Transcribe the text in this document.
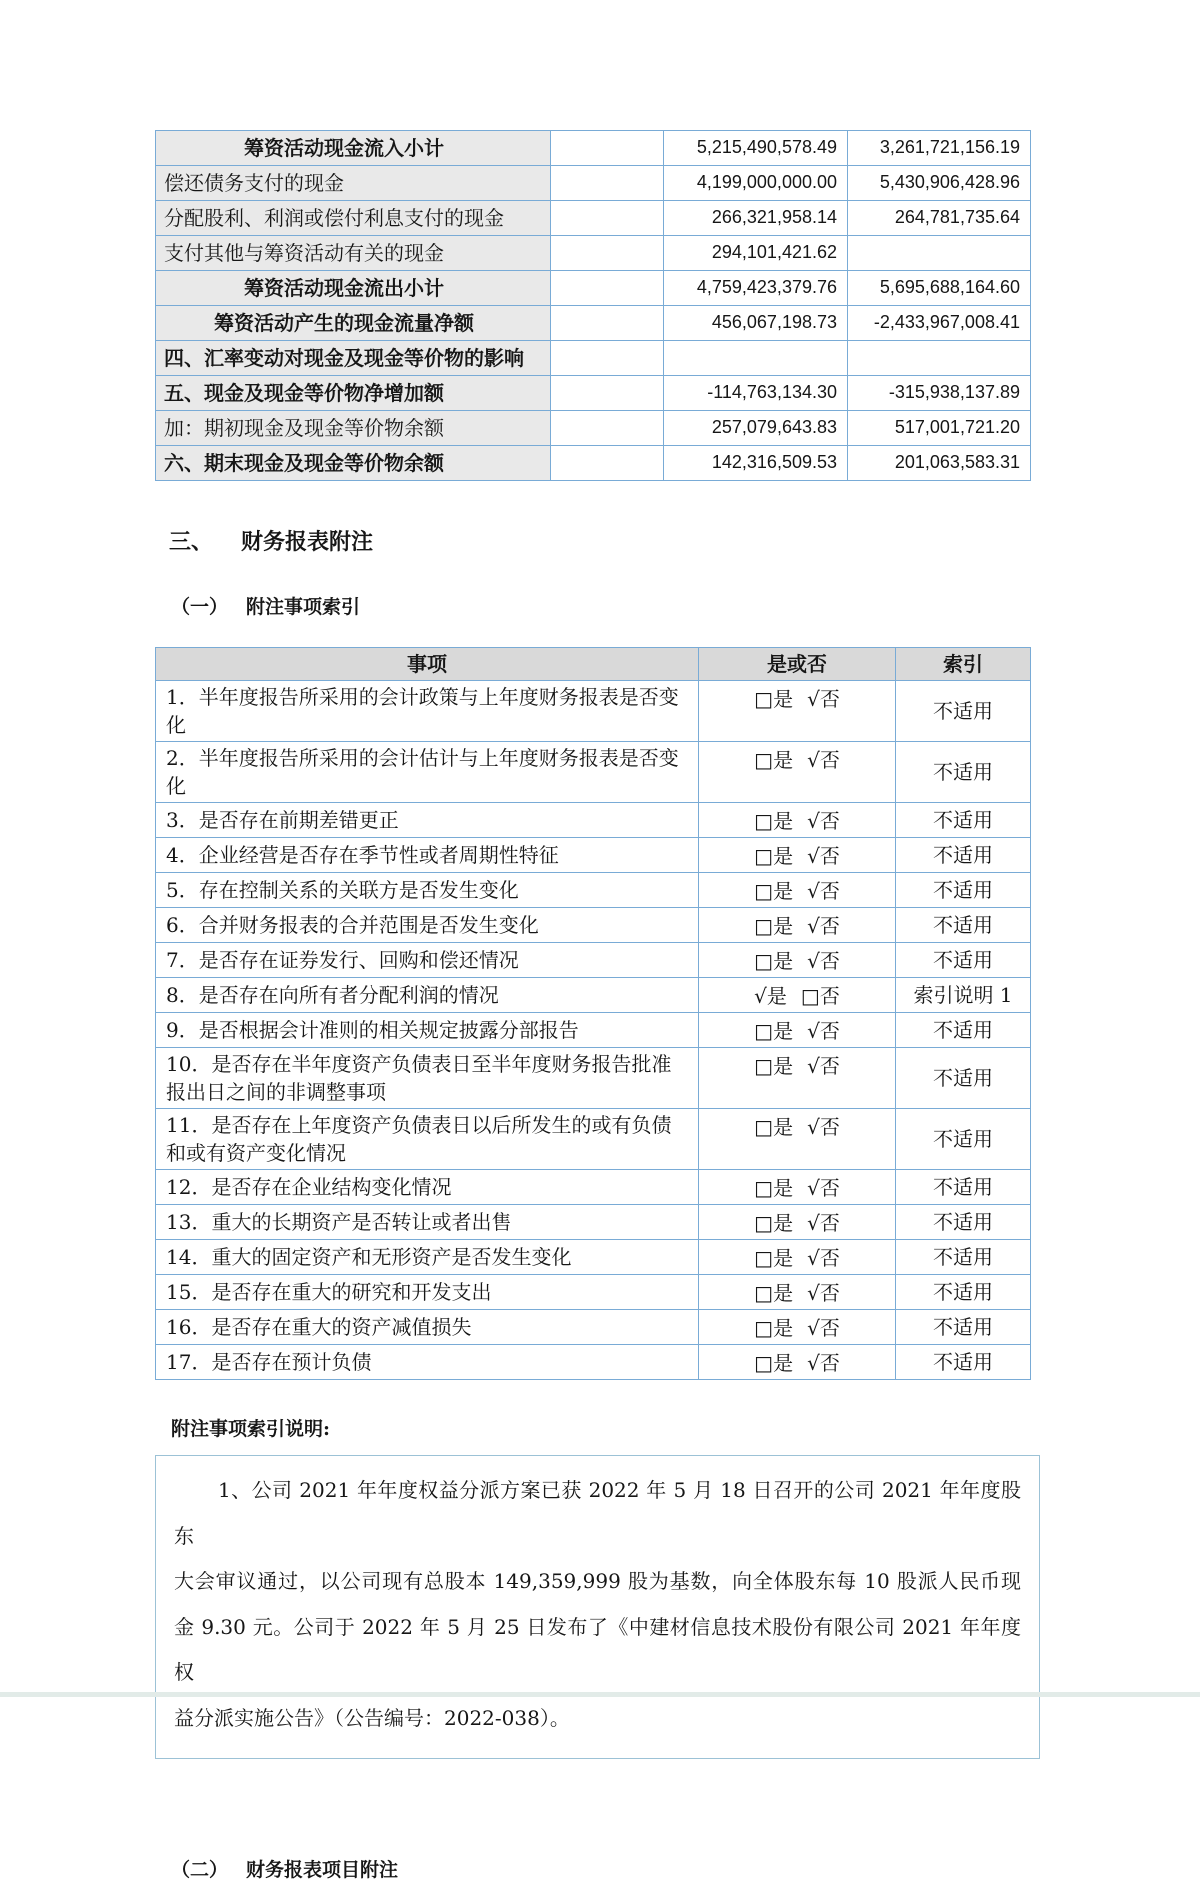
筹资活动现金流入小计		5,215,490,578.49	3,261,721,156.19
偿还债务支付的现金		4,199,000,000.00	5,430,906,428.96
分配股利、利润或偿付利息支付的现金		266,321,958.14	264,781,735.64
支付其他与筹资活动有关的现金		294,101,421.62	
筹资活动现金流出小计		4,759,423,379.76	5,695,688,164.60
筹资活动产生的现金流量净额		456,067,198.73	-2,433,967,008.41
四、汇率变动对现金及现金等价物的影响			
五、现金及现金等价物净增加额		-114,763,134.30	-315,938,137.89
加：期初现金及现金等价物余额		257,079,643.83	517,001,721.20
六、期末现金及现金等价物余额		142,316,509.53	201,063,583.31
三、 财务报表附注
（一） 附注事项索引
事项	是或否	索引
1．半年度报告所采用的会计政策与上年度财务报表是否变化	□是 √否	不适用
2．半年度报告所采用的会计估计与上年度财务报表是否变化	□是 √否	不适用
3．是否存在前期差错更正	□是 √否	不适用
4．企业经营是否存在季节性或者周期性特征	□是 √否	不适用
5．存在控制关系的关联方是否发生变化	□是 √否	不适用
6．合并财务报表的合并范围是否发生变化	□是 √否	不适用
7．是否存在证券发行、回购和偿还情况	□是 √否	不适用
8．是否存在向所有者分配利润的情况	√是 □否	索引说明 1
9．是否根据会计准则的相关规定披露分部报告	□是 √否	不适用
10．是否存在半年度资产负债表日至半年度财务报告批准报出日之间的非调整事项	□是 √否	不适用
11．是否存在上年度资产负债表日以后所发生的或有负债和或有资产变化情况	□是 √否	不适用
12．是否存在企业结构变化情况	□是 √否	不适用
13．重大的长期资产是否转让或者出售	□是 √否	不适用
14．重大的固定资产和无形资产是否发生变化	□是 √否	不适用
15．是否存在重大的研究和开发支出	□是 √否	不适用
16．是否存在重大的资产减值损失	□是 √否	不适用
17．是否存在预计负债	□是 √否	不适用
附注事项索引说明:
1、公司 2021 年年度权益分派方案已获 2022 年 5 月 18 日召开的公司 2021 年年度股东
大会审议通过，以公司现有总股本 149,359,999 股为基数，向全体股东每 10 股派人民币现
金 9.30 元。公司于 2022 年 5 月 25 日发布了《中建材信息技术股份有限公司 2021 年年度权
益分派实施公告》（公告编号：2022-038）。
（二） 财务报表项目附注
